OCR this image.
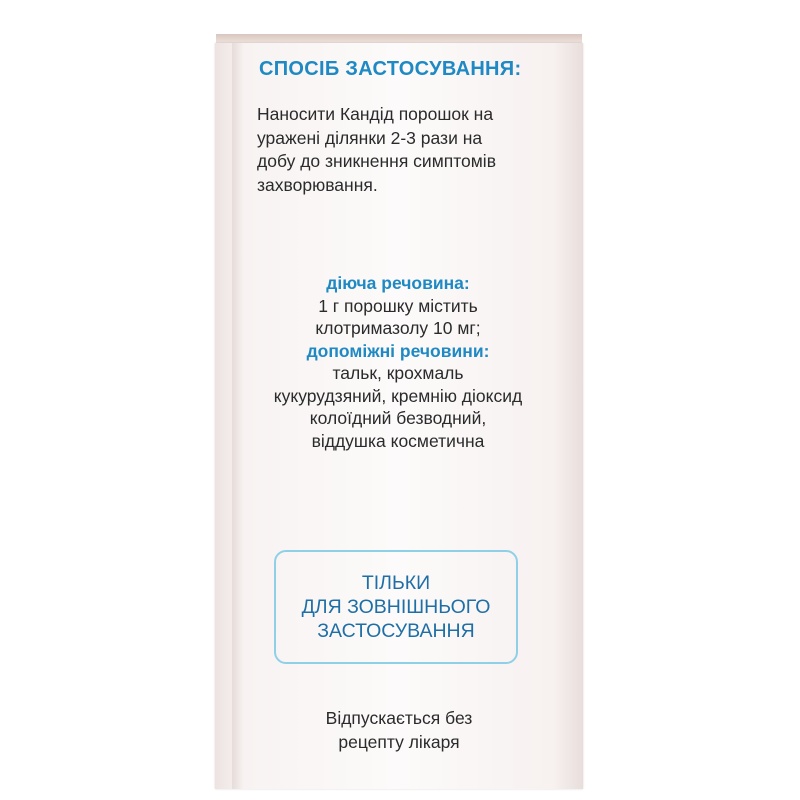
СПОСІБ ЗАСТОСУВАННЯ:
Наносити Кандід порошок на
уражені ділянки 2-3 рази на
добу до зникнення симптомів
захворювання.
діюча речовина:
1 г порошку містить
клотримазолу 10 мг;
допоміжні речовини:
тальк, крохмаль
кукурудзяний, кремнію діоксид
колоїдний безводний,
віддушка косметична
ТІЛЬКИ
ДЛЯ ЗОВНІШНЬОГО
ЗАСТОСУВАННЯ
Відпускається без
рецепту лікаря
